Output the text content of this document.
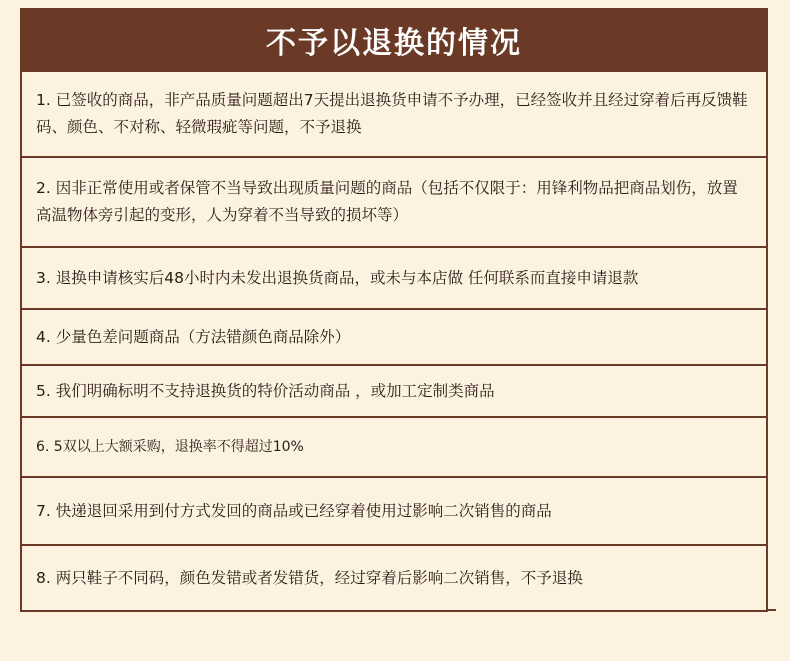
不予以退换的情况
1. 已签收的商品，非产品质量问题超出7天提出退换货申请不予办理，已经签收并且经过穿着后再反馈鞋码、颜色、不对称、轻微瑕疵等问题，不予退换
2. 因非正常使用或者保管不当导致出现质量问题的商品（包括不仅限于：用锋利物品把商品划伤，放置高温物体旁引起的变形，人为穿着不当导致的损坏等）
3. 退换申请核实后48小时内未发出退换货商品，或未与本店做 任何联系而直接申请退款
4. 少量色差问题商品（方法错颜色商品除外）
5. 我们明确标明不支持退换货的特价活动商品 ，或加工定制类商品
6. 5双以上大额采购，退换率不得超过10%
7. 快递退回采用到付方式发回的商品或已经穿着使用过影响二次销售的商品
8. 两只鞋子不同码，颜色发错或者发错货，经过穿着后影响二次销售，不予退换
